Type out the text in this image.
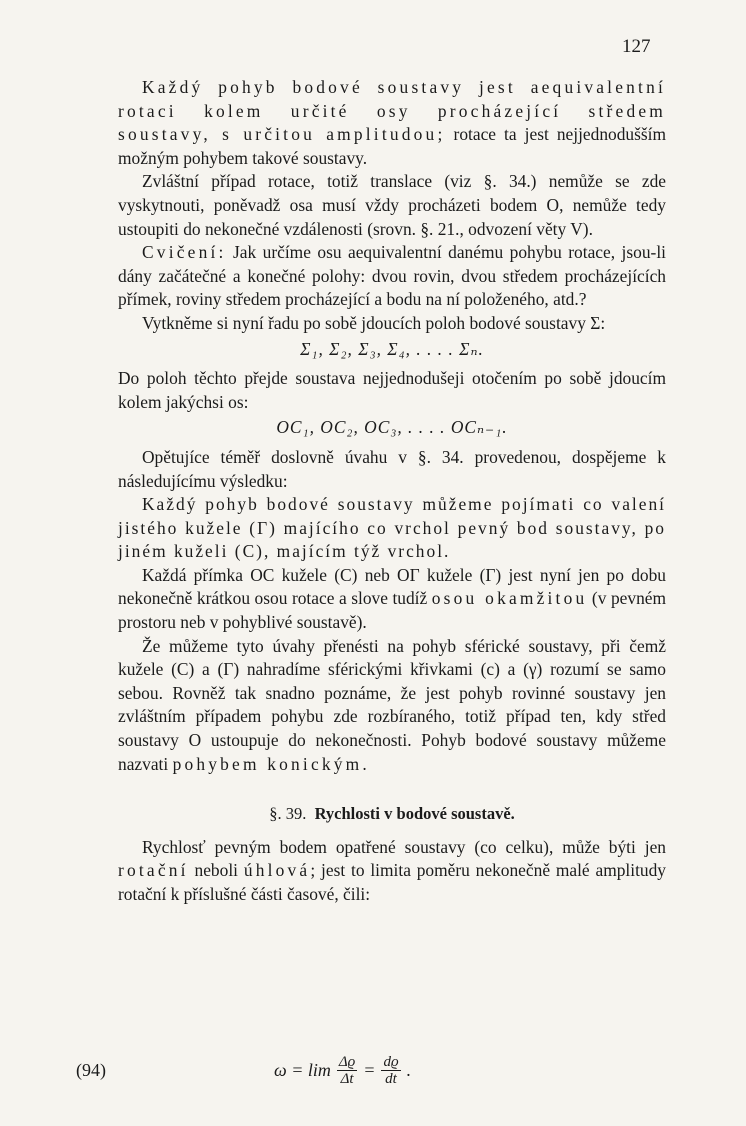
127

Každý pohyb bodové soustavy jest aequivalentní rotaci kolem určité osy procházející středem soustavy, s určitou amplitudou; rotace ta jest nejjednodušším možným pohybem takové soustavy.

Zvláštní případ rotace, totiž translace (viz §. 34.) nemůže se zde vyskytnouti, poněvadž osa musí vždy procházeti bodem O, nemůže tedy ustoupiti do nekonečné vzdálenosti (srovn. §. 21., odvození věty V).

Cvičení: Jak určíme osu aequivalentní danému pohybu rotace, jsou-li dány začátečné a konečné polohy: dvou rovin, dvou středem procházejících přímek, roviny středem procházející a bodu na ní položeného, atd.?

Vytkněme si nyní řadu po sobě jdoucích poloh bodové soustavy Σ:

Σ₁, Σ₂, Σ₃, Σ₄, . . . . Σₙ.

Do poloh těchto přejde soustava nejjednodušeji otočením po sobě jdoucím kolem jakýchsi os:

OC₁, OC₂, OC₃, . . . . OCₙ₋₁.

Opětujíce téměř doslovně úvahu v §. 34. provedenou, dospějeme k následujícímu výsledku:

Každý pohyb bodové soustavy můžeme pojímati co valení jistého kužele (Γ) majícího co vrchol pevný bod soustavy, po jiném kuželi (C), majícím týž vrchol.

Každá přímka OC kužele (C) neb OΓ kužele (Γ) jest nyní jen po dobu nekonečně krátkou osou rotace a slove tudíž osou okamžitou (v pevném prostoru neb v pohyblivé soustavě).

Že můžeme tyto úvahy přenésti na pohyb sférické soustavy, při čemž kužele (C) a (Γ) nahradíme sférickými křivkami (c) a (γ) rozumí se samo sebou. Rovněž tak snadno poznáme, že jest pohyb rovinné soustavy jen zvláštním případem pohybu zde rozbíraného, totiž případ ten, kdy střed soustavy O ustoupuje do nekonečnosti. Pohyb bodové soustavy můžeme nazvati pohybem konickým.

§. 39. Rychlosti v bodové soustavě.

Rychlosť pevným bodem opatřené soustavy (co celku), může býti jen rotační neboli úhlová; jest to limita poměru nekonečně malé amplitudy rotační k příslušné části časové, čili:

(94)	$\omega = \lim \frac{\Delta ϱ}{\Delta t} = \frac{dϱ}{dt}$ .
